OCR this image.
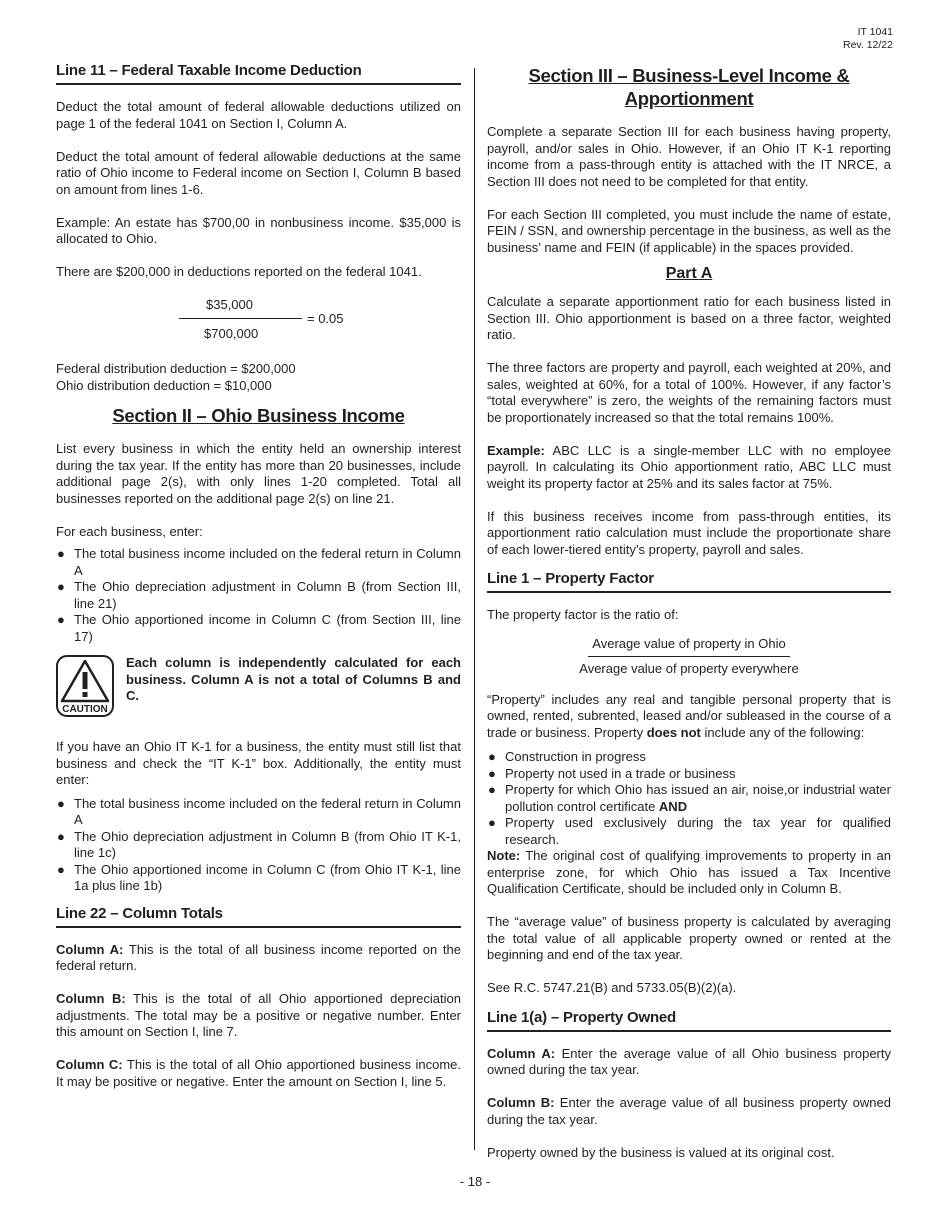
IT 1041
Rev. 12/22
Line 11 – Federal Taxable Income Deduction

Deduct the total amount of federal allowable deductions utilized on page 1 of the federal 1041 on Section I, Column A.

Deduct the total amount of federal allowable deductions at the same ratio of Ohio income to Federal income on Section I, Column B based on amount from lines 1-6.

Example: An estate has $700,00 in nonbusiness income. $35,000 is allocated to Ohio.

There are $200,000 in deductions reported on the federal 1041.

$35,000
$700,000
= 0.05

Federal distribution deduction = $200,000
Ohio distribution deduction = $10,000

Section II – Ohio Business Income

List every business in which the entity held an ownership interest during the tax year. If the entity has more than 20 businesses, include additional page 2(s), with only lines 1-20 completed. Total all businesses reported on the additional page 2(s) on line 21.

For each business, enter:

● The total business income included on the federal return in Column A
● The Ohio depreciation adjustment in Column B (from Section III, line 21)
● The Ohio apportioned income in Column C (from Section III, line 17)
CAUTION
Each column is independently calculated for each business. Column A is not a total of Columns B and C.

If you have an Ohio IT K-1 for a business, the entity must still list that business and check the “IT K-1” box. Additionally, the entity must enter:

● The total business income included on the federal return in Column A
● The Ohio depreciation adjustment in Column B (from Ohio IT K-1, line 1c)
● The Ohio apportioned income in Column C (from Ohio IT K-1, line 1a plus line 1b)
Line 22 – Column Totals

Column A: This is the total of all business income reported on the federal return.

Column B: This is the total of all Ohio apportioned depreciation adjustments. The total may be a positive or negative number. Enter this amount on Section I, line 7.

Column C: This is the total of all Ohio apportioned business income. It may be positive or negative. Enter the amount on Section I, line 5.

Section III – Business-Level Income &
Apportionment

Complete a separate Section III for each business having property, payroll, and/or sales in Ohio. However, if an Ohio IT K-1 reporting income from a pass-through entity is attached with the IT NRCE, a Section III does not need to be completed for that entity.

For each Section III completed, you must include the name of estate, FEIN / SSN, and ownership percentage in the business, as well as the business’ name and FEIN (if applicable) in the spaces provided.

Part A

Calculate a separate apportionment ratio for each business listed in Section III. Ohio apportionment is based on a three factor, weighted ratio.

The three factors are property and payroll, each weighted at 20%, and sales, weighted at 60%, for a total of 100%. However, if any factor’s “total everywhere” is zero, the weights of the remaining factors must be proportionately increased so that the total remains 100%.

Example: ABC LLC is a single-member LLC with no employee payroll. In calculating its Ohio apportionment ratio, ABC LLC must weight its property factor at 25% and its sales factor at 75%.

If this business receives income from pass-through entities, its apportionment ratio calculation must include the proportionate share of each lower-tiered entity’s property, payroll and sales.

Line 1 – Property Factor

The property factor is the ratio of:

Average value of property in Ohio
Average value of property everywhere

“Property” includes any real and tangible personal property that is owned, rented, subrented, leased and/or subleased in the course of a trade or business. Property does not include any of the following:

● Construction in progress
● Property not used in a trade or business
● Property for which Ohio has issued an air, noise,or industrial water pollution control certificate AND
● Property used exclusively during the tax year for qualified research.

Note: The original cost of qualifying improvements to property in an enterprise zone, for which Ohio has issued a Tax Incentive Qualification Certificate, should be included only in Column B.

The “average value” of business property is calculated by averaging the total value of all applicable property owned or rented at the beginning and end of the tax year.

See R.C. 5747.21(B) and 5733.05(B)(2)(a).

Line 1(a) – Property Owned

Column A: Enter the average value of all Ohio business property owned during the tax year.

Column B: Enter the average value of all business property owned during the tax year.

Property owned by the business is valued at its original cost.

- 18 -
